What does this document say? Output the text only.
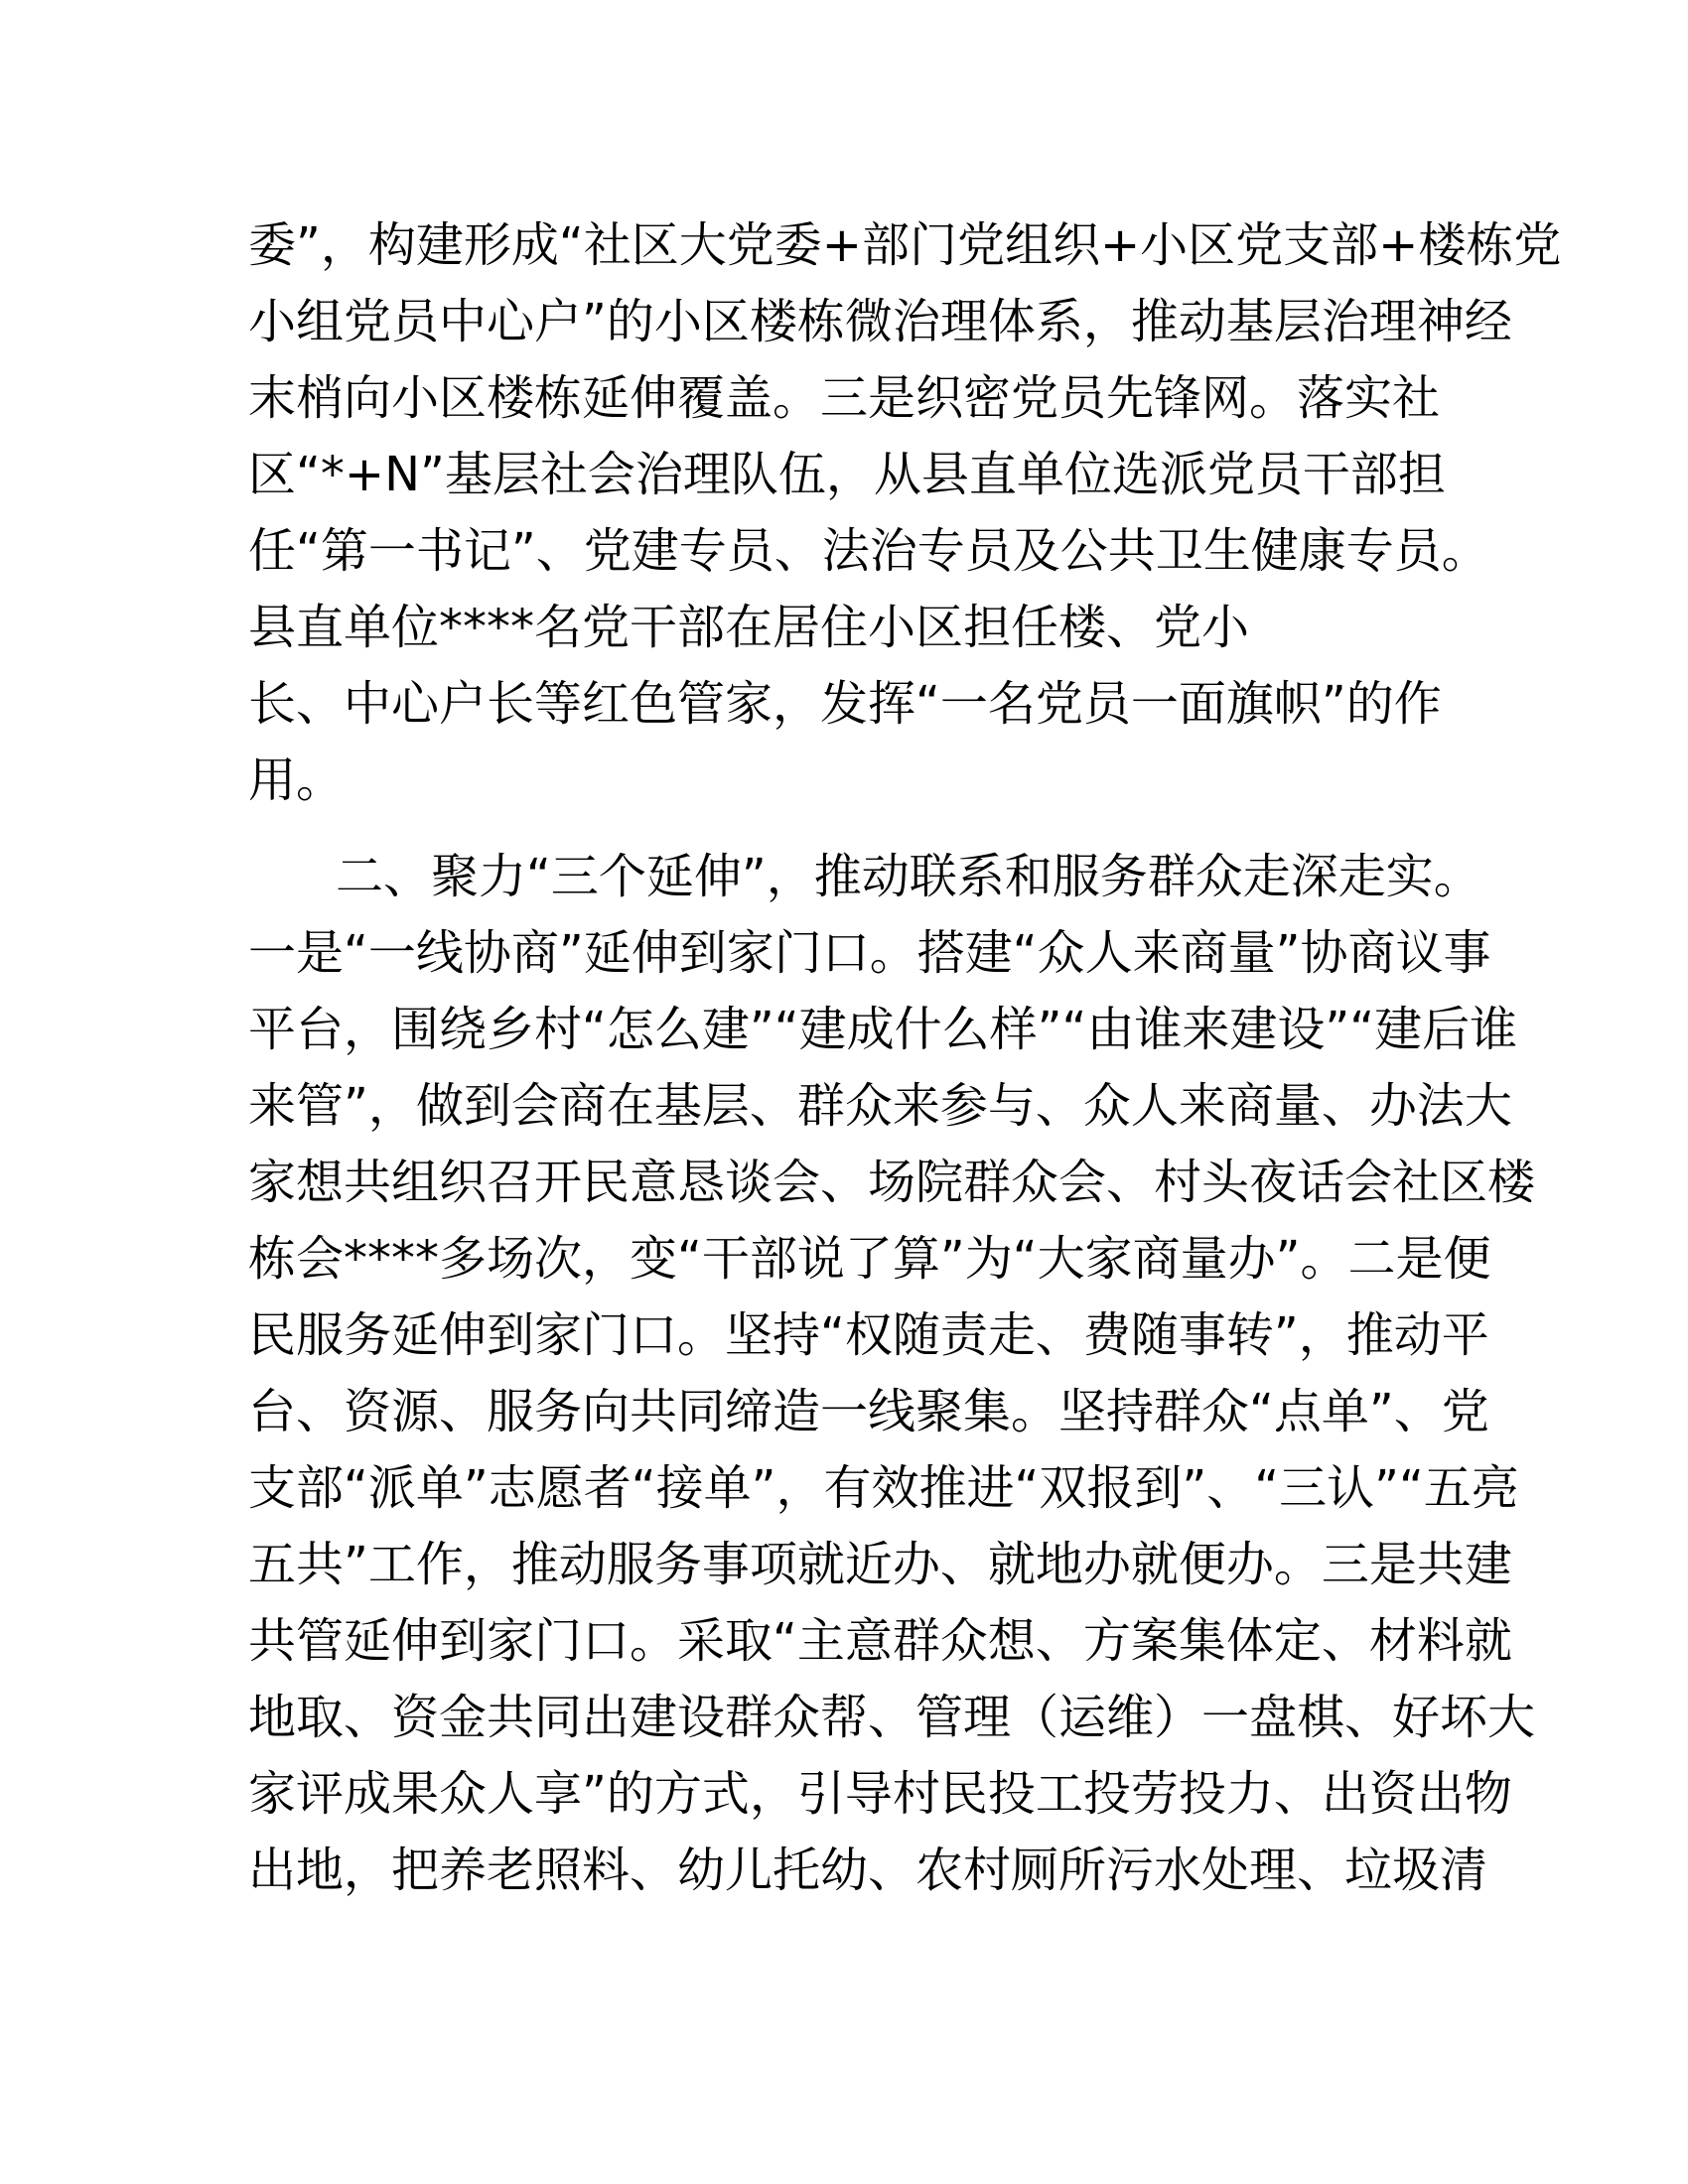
委”，构建形成“社区大党委+部门党组织+小区党支部+楼栋党
小组党员中心户”的小区楼栋微治理体系，推动基层治理神经
末梢向小区楼栋延伸覆盖。三是织密党员先锋网。落实社
区“*+N”基层社会治理队伍，从县直单位选派党员干部担
任“第一书记”、党建专员、法治专员及公共卫生健康专员。
县直单位****名党干部在居住小区担任楼、党小
长、中心户长等红色管家，发挥“一名党员一面旗帜”的作
用。
二、聚力“三个延伸”，推动联系和服务群众走深走实。
一是“一线协商”延伸到家门口。搭建“众人来商量”协商议事
平台，围绕乡村“怎么建”“建成什么样”“由谁来建设”“建后谁
来管”，做到会商在基层、群众来参与、众人来商量、办法大
家想共组织召开民意恳谈会、场院群众会、村头夜话会社区楼
栋会****多场次，变“干部说了算”为“大家商量办”。二是便
民服务延伸到家门口。坚持“权随责走、费随事转”，推动平
台、资源、服务向共同缔造一线聚集。坚持群众“点单”、党
支部“派单”志愿者“接单”，有效推进“双报到”、“三认”“五亮
五共”工作，推动服务事项就近办、就地办就便办。三是共建
共管延伸到家门口。采取“主意群众想、方案集体定、材料就
地取、资金共同出建设群众帮、管理（运维）一盘棋、好坏大
家评成果众人享”的方式，引导村民投工投劳投力、出资出物
出地，把养老照料、幼儿托幼、农村厕所污水处理、垃圾清
